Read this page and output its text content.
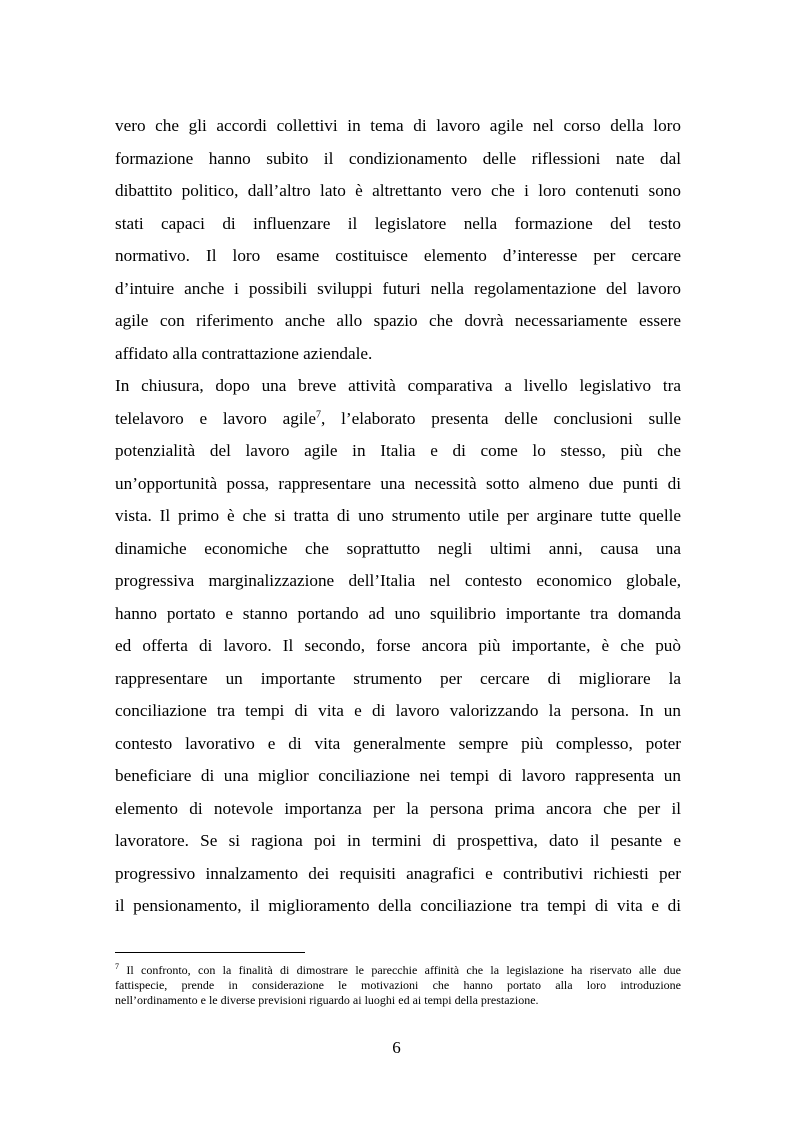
vero che gli accordi collettivi in tema di lavoro agile nel corso della loro
formazione hanno subito il condizionamento delle riflessioni nate dal
dibattito politico, dall’altro lato è altrettanto vero che i loro contenuti sono
stati capaci di influenzare il legislatore nella formazione del testo
normativo. Il loro esame costituisce elemento d’interesse per cercare
d’intuire anche i possibili sviluppi futuri nella regolamentazione del lavoro
agile con riferimento anche allo spazio che dovrà necessariamente essere
affidato alla contrattazione aziendale.
In chiusura, dopo una breve attività comparativa a livello legislativo tra
telelavoro e lavoro agile$^7$, l’elaborato presenta delle conclusioni sulle
potenzialità del lavoro agile in Italia e di come lo stesso, più che
un’opportunità possa, rappresentare una necessità sotto almeno due punti di
vista. Il primo è che si tratta di uno strumento utile per arginare tutte quelle
dinamiche economiche che soprattutto negli ultimi anni, causa una
progressiva marginalizzazione dell’Italia nel contesto economico globale,
hanno portato e stanno portando ad uno squilibrio importante tra domanda
ed offerta di lavoro. Il secondo, forse ancora più importante, è che può
rappresentare un importante strumento per cercare di migliorare la
conciliazione tra tempi di vita e di lavoro valorizzando la persona. In un
contesto lavorativo e di vita generalmente sempre più complesso, poter
beneficiare di una miglior conciliazione nei tempi di lavoro rappresenta un
elemento di notevole importanza per la persona prima ancora che per il
lavoratore. Se si ragiona poi in termini di prospettiva, dato il pesante e
progressivo innalzamento dei requisiti anagrafici e contributivi richiesti per
il pensionamento, il miglioramento della conciliazione tra tempi di vita e di
$^7$ Il confronto, con la finalità di dimostrare le parecchie affinità che la legislazione ha riservato alle due
fattispecie, prende in considerazione le motivazioni che hanno portato alla loro introduzione
nell’ordinamento e le diverse previsioni riguardo ai luoghi ed ai tempi della prestazione.
6
